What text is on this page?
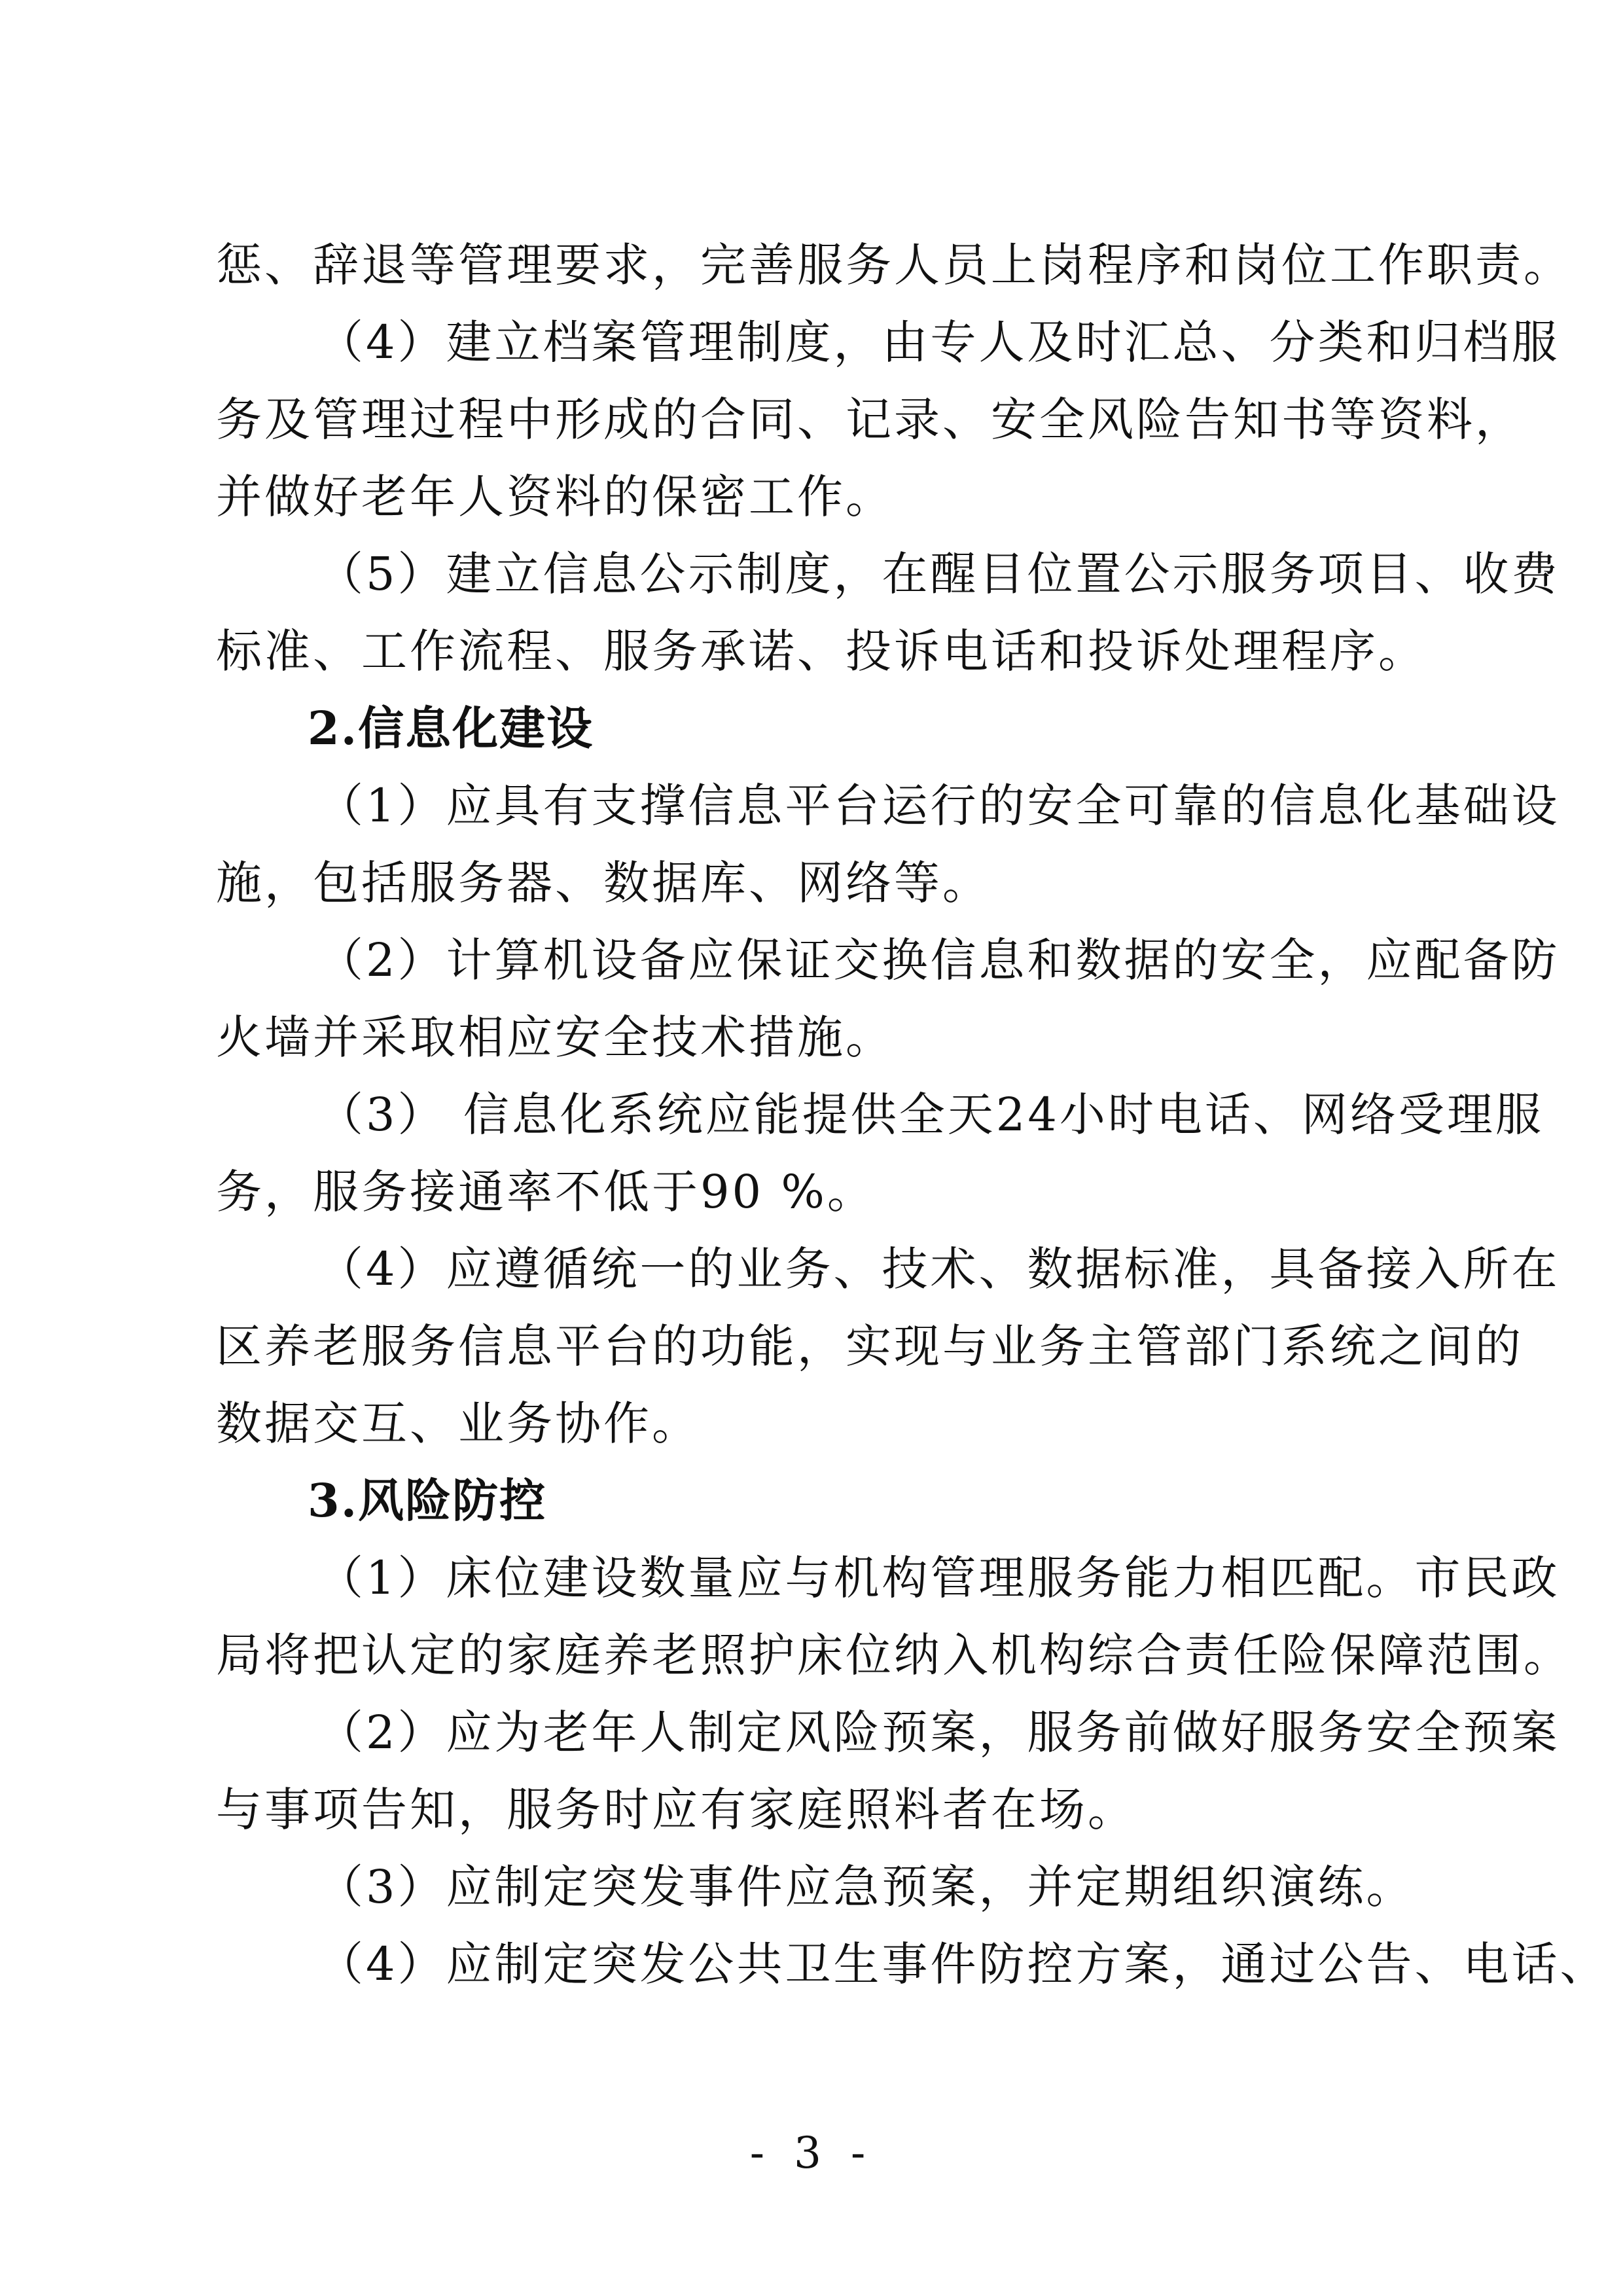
惩、辞退等管理要求，完善服务人员上岗程序和岗位工作职责。
（4）建立档案管理制度，由专人及时汇总、分类和归档服
务及管理过程中形成的合同、记录、安全风险告知书等资料，
并做好老年人资料的保密工作。
（5）建立信息公示制度，在醒目位置公示服务项目、收费
标准、工作流程、服务承诺、投诉电话和投诉处理程序。
2.信息化建设
（1）应具有支撑信息平台运行的安全可靠的信息化基础设
施，包括服务器、数据库、网络等。
（2）计算机设备应保证交换信息和数据的安全，应配备防
火墙并采取相应安全技术措施。
（3） 信息化系统应能提供全天24小时电话、网络受理服
务，服务接通率不低于90 %。
（4）应遵循统一的业务、技术、数据标准，具备接入所在
区养老服务信息平台的功能，实现与业务主管部门系统之间的
数据交互、业务协作。
3.风险防控
（1）床位建设数量应与机构管理服务能力相匹配。市民政
局将把认定的家庭养老照护床位纳入机构综合责任险保障范围。
（2）应为老年人制定风险预案，服务前做好服务安全预案
与事项告知，服务时应有家庭照料者在场。
（3）应制定突发事件应急预案，并定期组织演练。
（4）应制定突发公共卫生事件防控方案，通过公告、电话、
- 3 -
